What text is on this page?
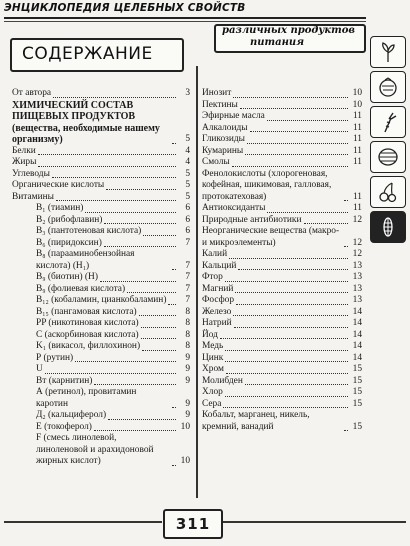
ЭНЦИКЛОПЕДИЯ ЦЕЛЕБНЫХ СВОЙСТВ
различных продуктов
питания
СОДЕРЖАНИЕ
От автора	3
ХИМИЧЕСКИЙ СОСТАВ ПИЩЕВЫХ ПРОДУКТОВ (вещества, необходимые нашему организму)	5
Белки	4
Жиры	4
Углеводы	5
Органические кислоты	5
Витамины	5
B₁ (тиамин)	6
B₂ (рибофлавин)	6
B₃ (пантотеновая кислота)	6
B₆ (пиридоксин)	7
B₈ (парааминобензойная кислота) (H₁)	7
B₉ (биотин) (H)	7
B₉ (фолиевая кислота)	7
B₁₂ (кобаламин, цианкобаламин)	7
B₁₅ (пангамовая кислота)	8
PP (никотиновая кислота)	8
С (аскорбиновая кислота)	8
K₁ (викасол, филлохинон)	8
Р (рутин)	9
U	9
Вт (карнитин)	9
А (ретинол), провитамин каротин	9
Д₂ (кальциферол)	9
Е (токоферол)	10
F (смесь линолевой, линоленовой и арахидоновой жирных кислот)	10
Инозит	10
Пектины	10
Эфирные масла	11
Алкалоиды	11
Гликозиды	11
Кумарины	11
Смолы	11
Фенолокислоты (хлорогеновая, кофейная, шикимовая, галловая, протокатеховая)	11
Антиоксиданты	11
Природные антибиотики	12
Неорганические вещества (макро- и микроэлементы)	12
Калий	12
Кальций	13
Фтор	13
Магний	13
Фосфор	13
Железо	14
Натрий	14
Йод	14
Медь	14
Цинк	14
Хром	15
Молибден	15
Хлор	15
Сера	15
Кобальт, марганец, никель, кремний, ванадий	15
311
